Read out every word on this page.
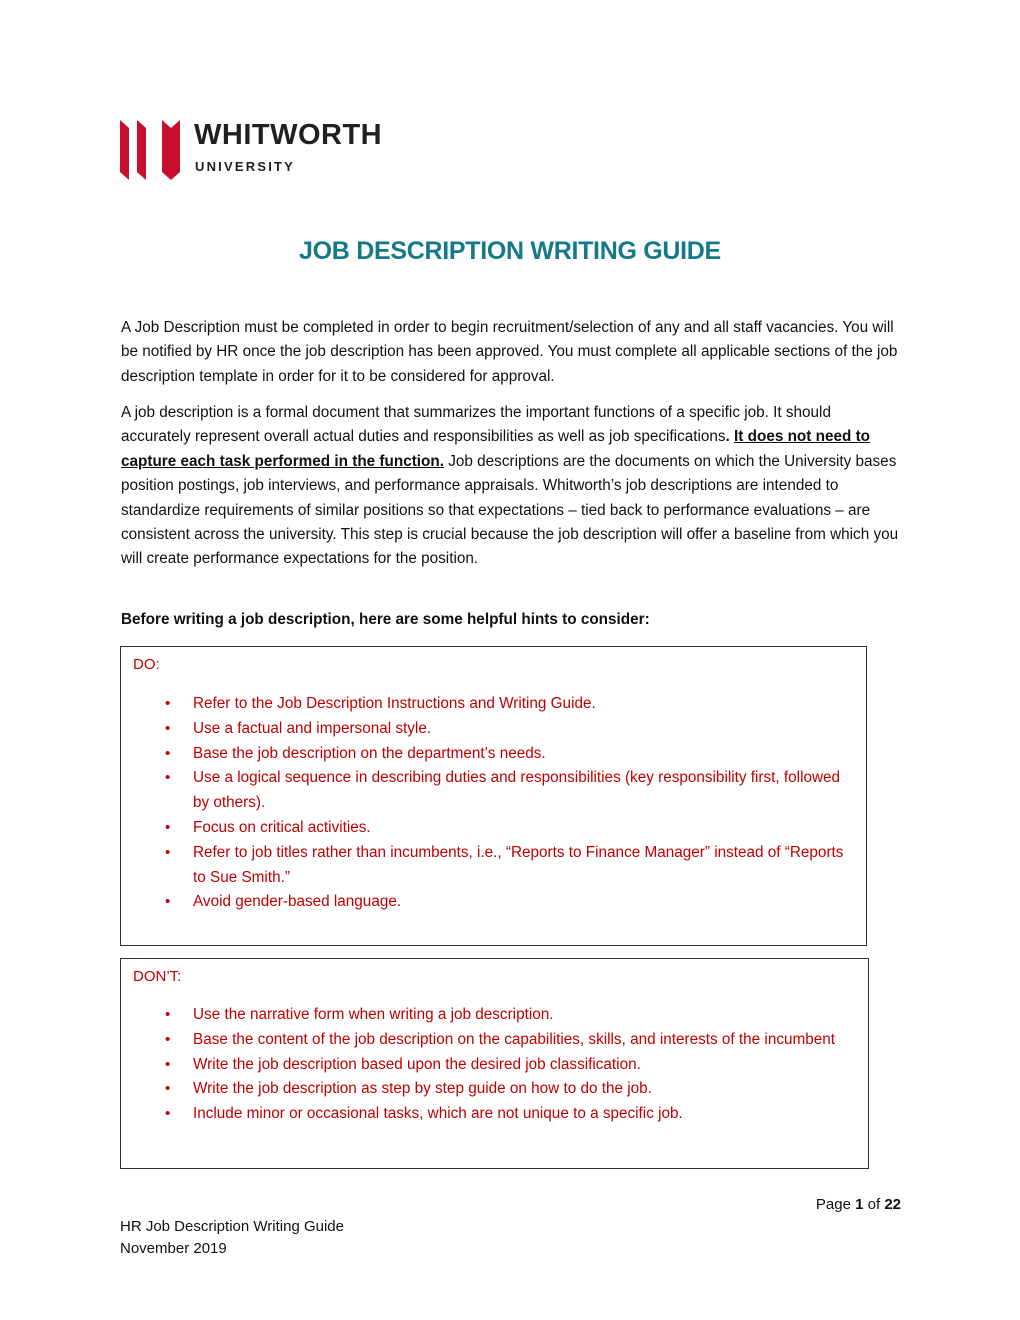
WHITWORTH
UNIVERSITY
JOB DESCRIPTION WRITING GUIDE

A Job Description must be completed in order to begin recruitment/selection of any and all staff vacancies. You will be notified by HR once the job description has been approved. You must complete all applicable sections of the job description template in order for it to be considered for approval.

A job description is a formal document that summarizes the important functions of a specific job. It should accurately represent overall actual duties and responsibilities as well as job specifications. It does not need to capture each task performed in the function. Job descriptions are the documents on which the University bases position postings, job interviews, and performance appraisals. Whitworth’s job descriptions are intended to standardize requirements of similar positions so that expectations – tied back to performance evaluations – are consistent across the university. This step is crucial because the job description will offer a baseline from which you will create performance expectations for the position.

Before writing a job description, here are some helpful hints to consider:

DO:
• Refer to the Job Description Instructions and Writing Guide.
• Use a factual and impersonal style.
• Base the job description on the department’s needs.
• Use a logical sequence in describing duties and responsibilities (key responsibility first, followed by others).
• Focus on critical activities.
• Refer to job titles rather than incumbents, i.e., “Reports to Finance Manager” instead of “Reports to Sue Smith.”
• Avoid gender-based language.
DON’T:
• Use the narrative form when writing a job description.
• Base the content of the job description on the capabilities, skills, and interests of the incumbent
• Write the job description based upon the desired job classification.
• Write the job description as step by step guide on how to do the job.
• Include minor or occasional tasks, which are not unique to a specific job.
Page 1 of 22
HR Job Description Writing Guide
November 2019
